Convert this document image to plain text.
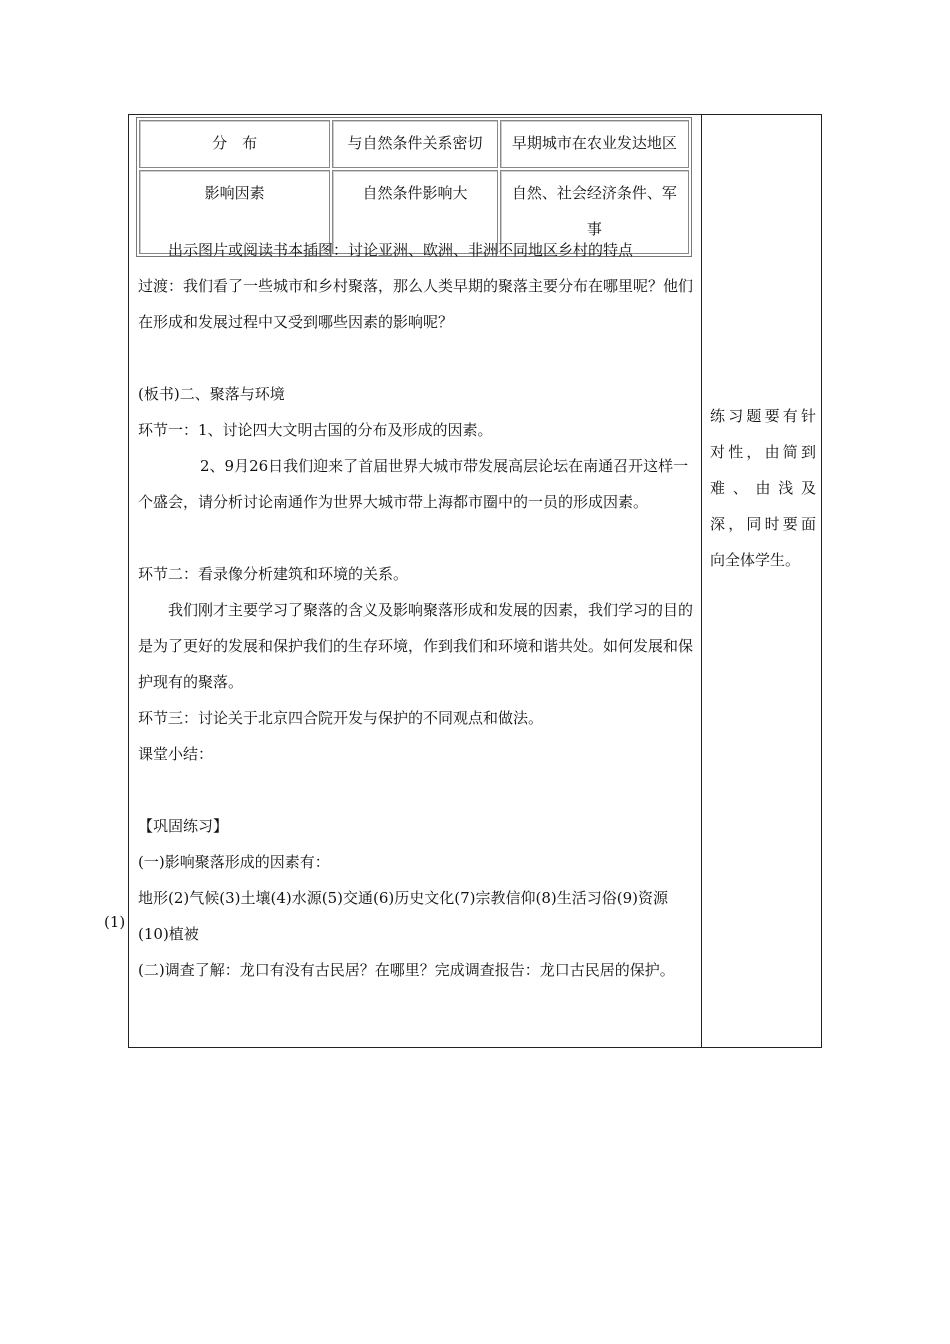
分　布	与自然条件关系密切	早期城市在农业发达地区
影响因素	自然条件影响大	自然、社会经济条件、军事

出示图片或阅读书本插图：讨论亚洲、欧洲、非洲不同地区乡村的特点

过渡：我们看了一些城市和乡村聚落，那么人类早期的聚落主要分布在哪里呢？他们在形成和发展过程中又受到哪些因素的影响呢？

(板书)二、聚落与环境

环节一：1、讨论四大文明古国的分布及形成的因素。

2、9月26日我们迎来了首届世界大城市带发展高层论坛在南通召开这样一个盛会，请分析讨论南通作为世界大城市带上海都市圈中的一员的形成因素。

环节二：看录像分析建筑和环境的关系。

我们刚才主要学习了聚落的含义及影响聚落形成和发展的因素，我们学习的目的是为了更好的发展和保护我们的生存环境，作到我们和环境和谐共处。如何发展和保护现有的聚落。

环节三：讨论关于北京四合院开发与保护的不同观点和做法。

课堂小结：

【巩固练习】

(一)影响聚落形成的因素有：

地形(2)气候(3)土壤(4)水源(5)交通(6)历史文化(7)宗教信仰(8)生活习俗(9)资源(10)植被

(二)调查了解：龙口有没有古民居？在哪里？完成调查报告：龙口古民居的保护。

(1)

练习题要有针

对性，由简到

难、由浅及

深，同时要面

向全体学生。
